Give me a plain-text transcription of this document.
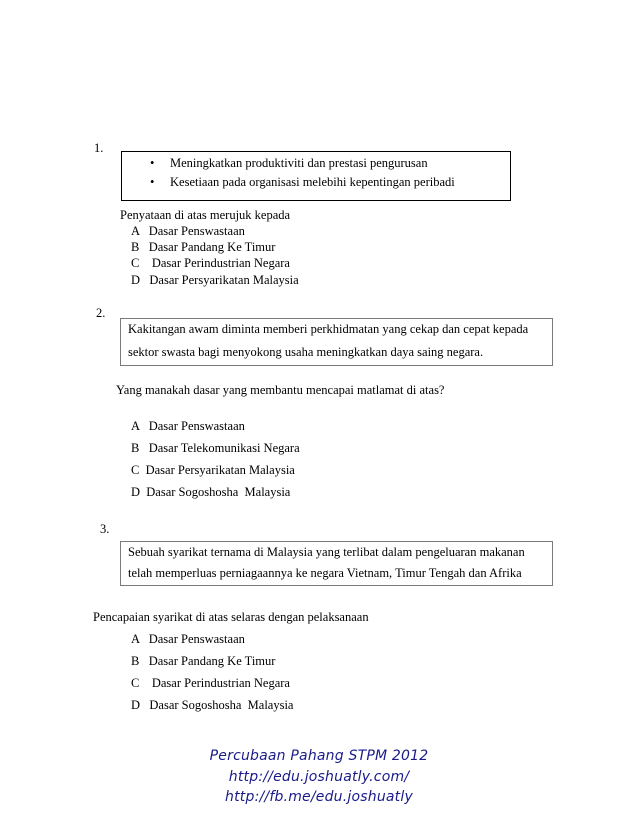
1.
• Meningkatkan produktiviti dan prestasi pengurusan
• Kesetiaan pada organisasi melebihi kepentingan peribadi
Penyataan di atas merujuk kepada
A   Dasar Penswastaan
B   Dasar Pandang Ke Timur
C    Dasar Perindustrian Negara
D   Dasar Persyarikatan Malaysia
2.
Kakitangan awam diminta memberi perkhidmatan yang cekap dan cepat kepada
sektor swasta bagi menyokong usaha meningkatkan daya saing negara.
Yang manakah dasar yang membantu mencapai matlamat di atas?
A   Dasar Penswastaan
B   Dasar Telekomunikasi Negara
C  Dasar Persyarikatan Malaysia
D  Dasar Sogoshosha  Malaysia
3.
Sebuah syarikat ternama di Malaysia yang terlibat dalam pengeluaran makanan
telah memperluas perniagaannya ke negara Vietnam, Timur Tengah dan Afrika
Pencapaian syarikat di atas selaras dengan pelaksanaan
A   Dasar Penswastaan
B   Dasar Pandang Ke Timur
C    Dasar Perindustrian Negara
D   Dasar Sogoshosha  Malaysia
Percubaan Pahang STPM 2012
http://edu.joshuatly.com/
http://fb.me/edu.joshuatly
